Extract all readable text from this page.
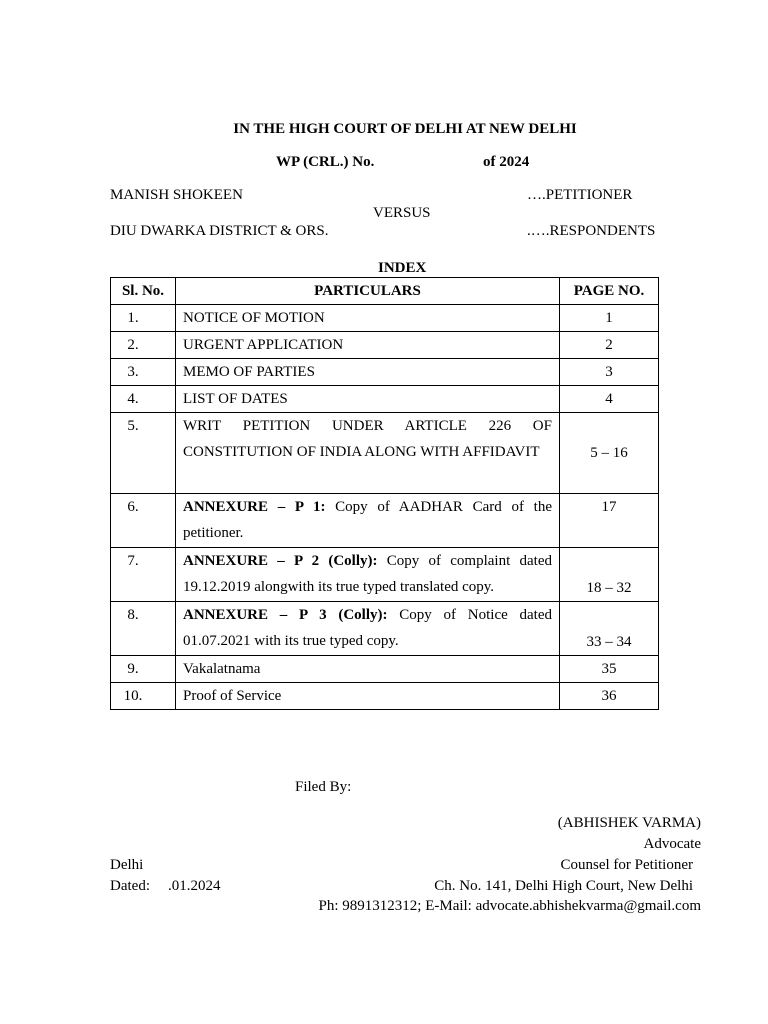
IN THE HIGH COURT OF DELHI AT NEW DELHI
WP (CRL.) No.	of 2024
MANISH SHOKEEN	….PETITIONER
VERSUS
DIU DWARKA DISTRICT & ORS.	.….RESPONDENTS
INDEX
Sl. No.	PARTICULARS	PAGE NO.
1.	NOTICE OF MOTION	1
2.	URGENT APPLICATION	2
3.	MEMO OF PARTIES	3
4.	LIST OF DATES	4
5.	WRIT PETITION UNDER ARTICLE 226 OF CONSTITUTION OF INDIA ALONG WITH AFFIDAVIT	5 – 16
6.	ANNEXURE – P 1: Copy of AADHAR Card of the petitioner.	17
7.	ANNEXURE – P 2 (Colly): Copy of complaint dated 19.12.2019 alongwith its true typed translated copy.	18 – 32
8.	ANNEXURE – P 3 (Colly): Copy of Notice dated 01.07.2021 with its true typed copy.	33 – 34
9.	Vakalatnama	35
10.	Proof of Service	36
Filed By:
(ABHISHEK VARMA)
Advocate
Delhi	Counsel for Petitioner
Dated: .01.2024	Ch. No. 141, Delhi High Court, New Delhi
Ph: 9891312312; E-Mail: advocate.abhishekvarma@gmail.com
